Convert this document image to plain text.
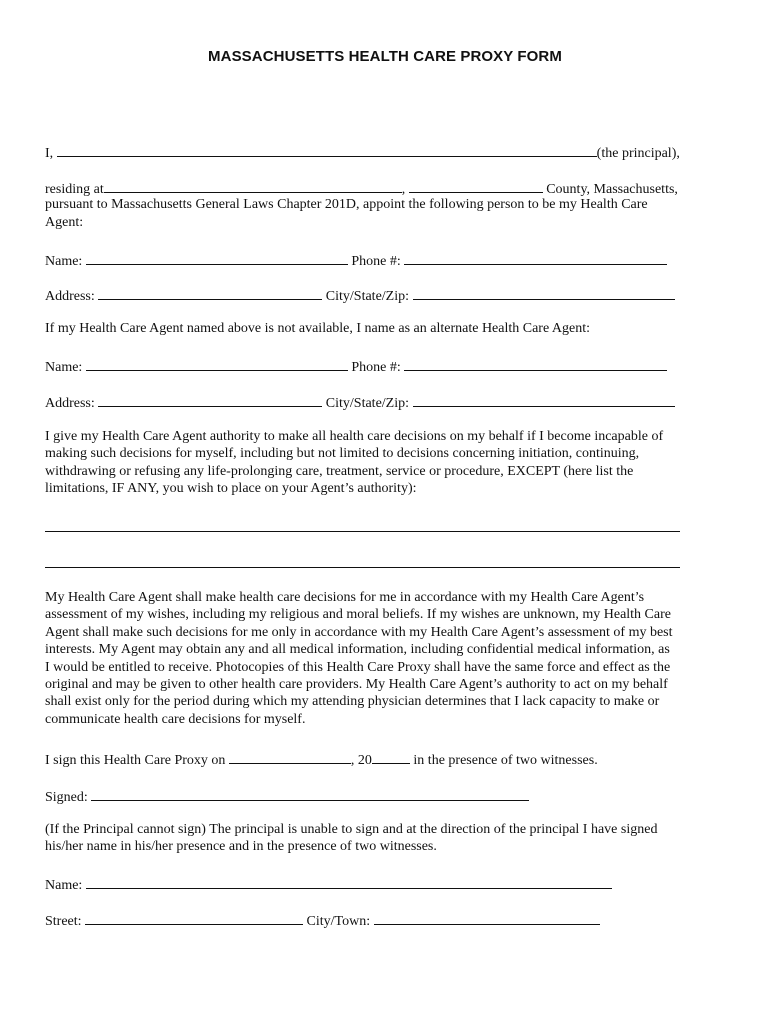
MASSACHUSETTS HEALTH CARE PROXY FORM
I,	(the principal),
residing at	,	County, Massachusetts,
pursuant to Massachusetts General Laws Chapter 201D, appoint the following person to be my Health Care
Agent:
Name:	Phone #:
Address:	City/State/Zip:
If my Health Care Agent named above is not available, I name as an alternate Health Care Agent:
Name:	Phone #:
Address:	City/State/Zip:
I give my Health Care Agent authority to make all health care decisions on my behalf if I become incapable of
making such decisions for myself, including but not limited to decisions concerning initiation, continuing,
withdrawing or refusing any life-prolonging care, treatment, service or procedure, EXCEPT (here list the
limitations, IF ANY, you wish to place on your Agent’s authority):
My Health Care Agent shall make health care decisions for me in accordance with my Health Care Agent’s
assessment of my wishes, including my religious and moral beliefs. If my wishes are unknown, my Health Care
Agent shall make such decisions for me only in accordance with my Health Care Agent’s assessment of my best
interests. My Agent may obtain any and all medical information, including confidential medical information, as
I would be entitled to receive. Photocopies of this Health Care Proxy shall have the same force and effect as the
original and may be given to other health care providers. My Health Care Agent’s authority to act on my behalf
shall exist only for the period during which my attending physician determines that I lack capacity to make or
communicate health care decisions for myself.
I sign this Health Care Proxy on	, 20	in the presence of two witnesses.
Signed:
(If the Principal cannot sign) The principal is unable to sign and at the direction of the principal I have signed
his/her name in his/her presence and in the presence of two witnesses.
Name:
Street:	City/Town:
